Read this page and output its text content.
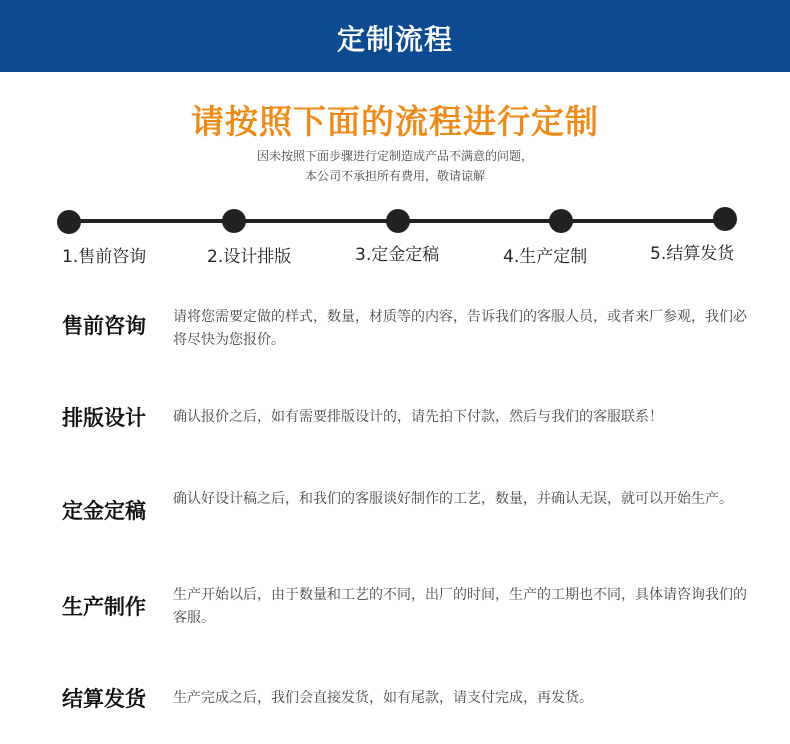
定制流程
请按照下面的流程进行定制
因未按照下面步骤进行定制造成产品不满意的问题，
本公司不承担所有费用，敬请谅解
1.售前咨询	2.设计排版	3.定金定稿	4.生产定制	5.结算发货
售前咨询 请将您需要定做的样式，数量，材质等的内容，告诉我们的客服人员，或者来厂参观，我们必将尽快为您报价。
排版设计 确认报价之后，如有需要排版设计的，请先拍下付款，然后与我们的客服联系！
定金定稿 确认好设计稿之后，和我们的客服谈好制作的工艺，数量，并确认无误，就可以开始生产。
生产制作 生产开始以后，由于数量和工艺的不同，出厂的时间，生产的工期也不同，具体请咨询我们的客服。
结算发货 生产完成之后，我们会直接发货，如有尾款，请支付完成，再发货。
